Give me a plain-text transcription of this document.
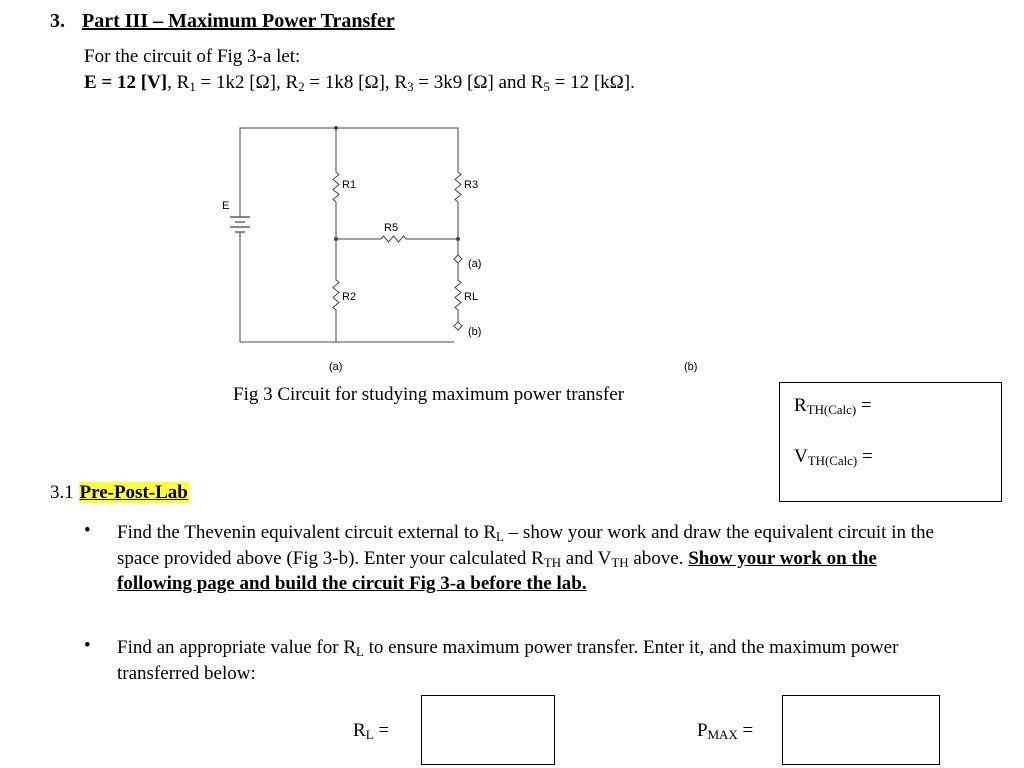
3. Part III – Maximum Power Transfer
For the circuit of Fig 3-a let:
E = 12 [V], $R_1 = 1k2$ [Ω], $R_2 = 1k8$ [Ω], $R_3 = 3k9$ [Ω] and $R_5 = 12$ [kΩ].
E
R1	R3
R5
(a)
R2	RL
(b)
(a)	(b)
Fig 3 Circuit for studying maximum power transfer
$R_{TH(Calc)}$ =
$V_{TH(Calc)}$ =
3.1 Pre-Post-Lab
• Find the Thevenin equivalent circuit external to $R_L$ – show your work and draw the equivalent circuit in the space provided above (Fig 3-b). Enter your calculated $R_{TH}$ and $V_{TH}$ above. Show your work on the following page and build the circuit Fig 3-a before the lab.
• Find an appropriate value for $R_L$ to ensure maximum power transfer. Enter it, and the maximum power transferred below:
$R_L$ =	$P_{MAX}$ =
